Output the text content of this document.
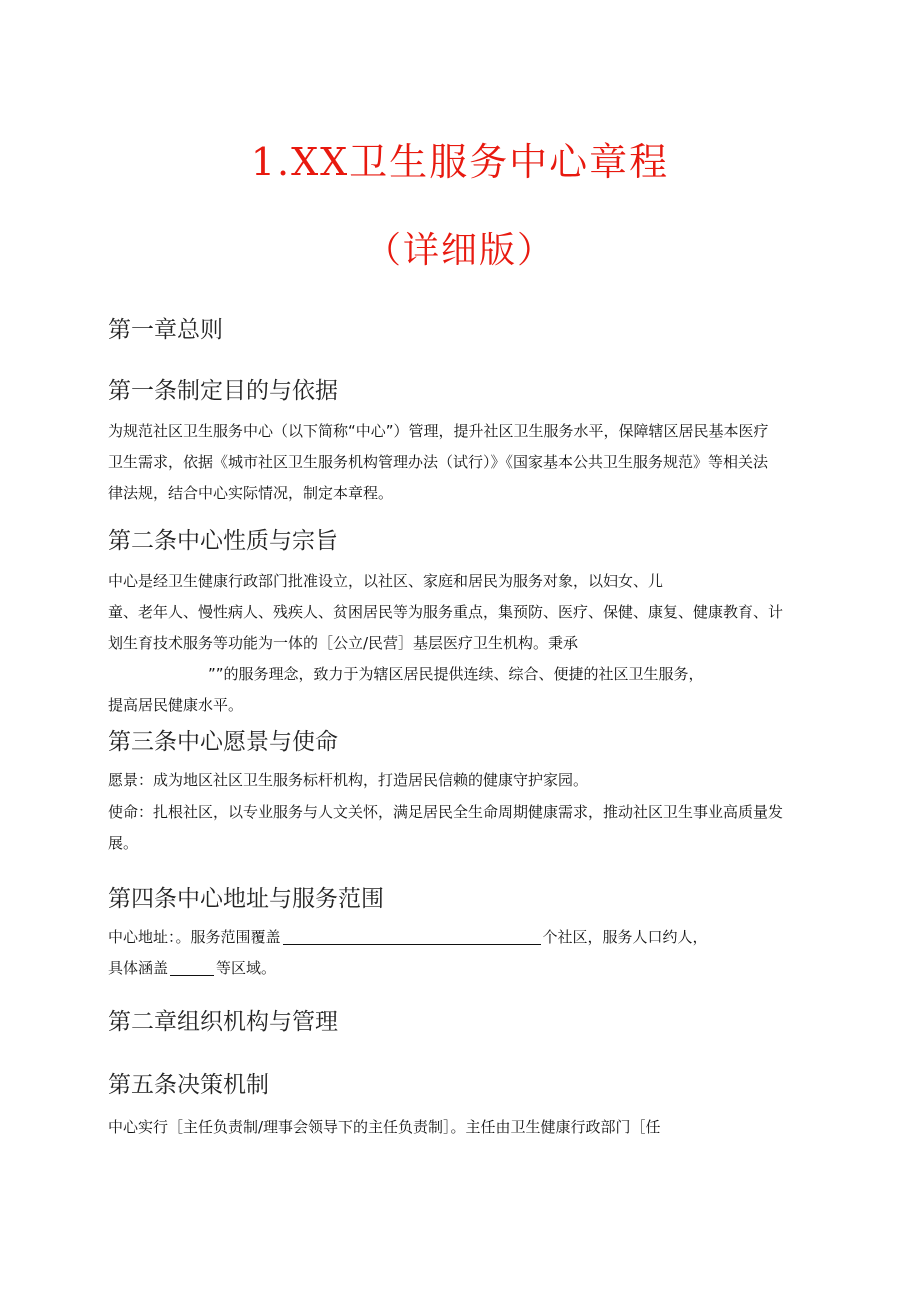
1.XX卫生服务中心章程
（详细版）
第一章总则
第一条制定目的与依据
为规范社区卫生服务中心（以下简称“中心”）管理，提升社区卫生服务水平，保障辖区居民基本医疗
卫生需求，依据《城市社区卫生服务机构管理办法（试行）》《国家基本公共卫生服务规范》等相关法
律法规，结合中心实际情况，制定本章程。
第二条中心性质与宗旨
中心是经卫生健康行政部门批准设立，以社区、家庭和居民为服务对象，以妇女、儿
童、老年人、慢性病人、残疾人、贫困居民等为服务重点，集预防、医疗、保健、康复、健康教育、计
划生育技术服务等功能为一体的［公立/民营］基层医疗卫生机构。秉承
””的服务理念，致力于为辖区居民提供连续、综合、便捷的社区卫生服务，
提高居民健康水平。
第三条中心愿景与使命
愿景：成为地区社区卫生服务标杆机构，打造居民信赖的健康守护家园。
使命：扎根社区，以专业服务与人文关怀，满足居民全生命周期健康需求，推动社区卫生事业高质量发
展。
第四条中心地址与服务范围
中心地址：。服务范围覆盖	个社区，服务人口约人，
具体涵盖	等区域。
第二章组织机构与管理
第五条决策机制
中心实行［主任负责制/理事会领导下的主任负责制］。主任由卫生健康行政部门［任
